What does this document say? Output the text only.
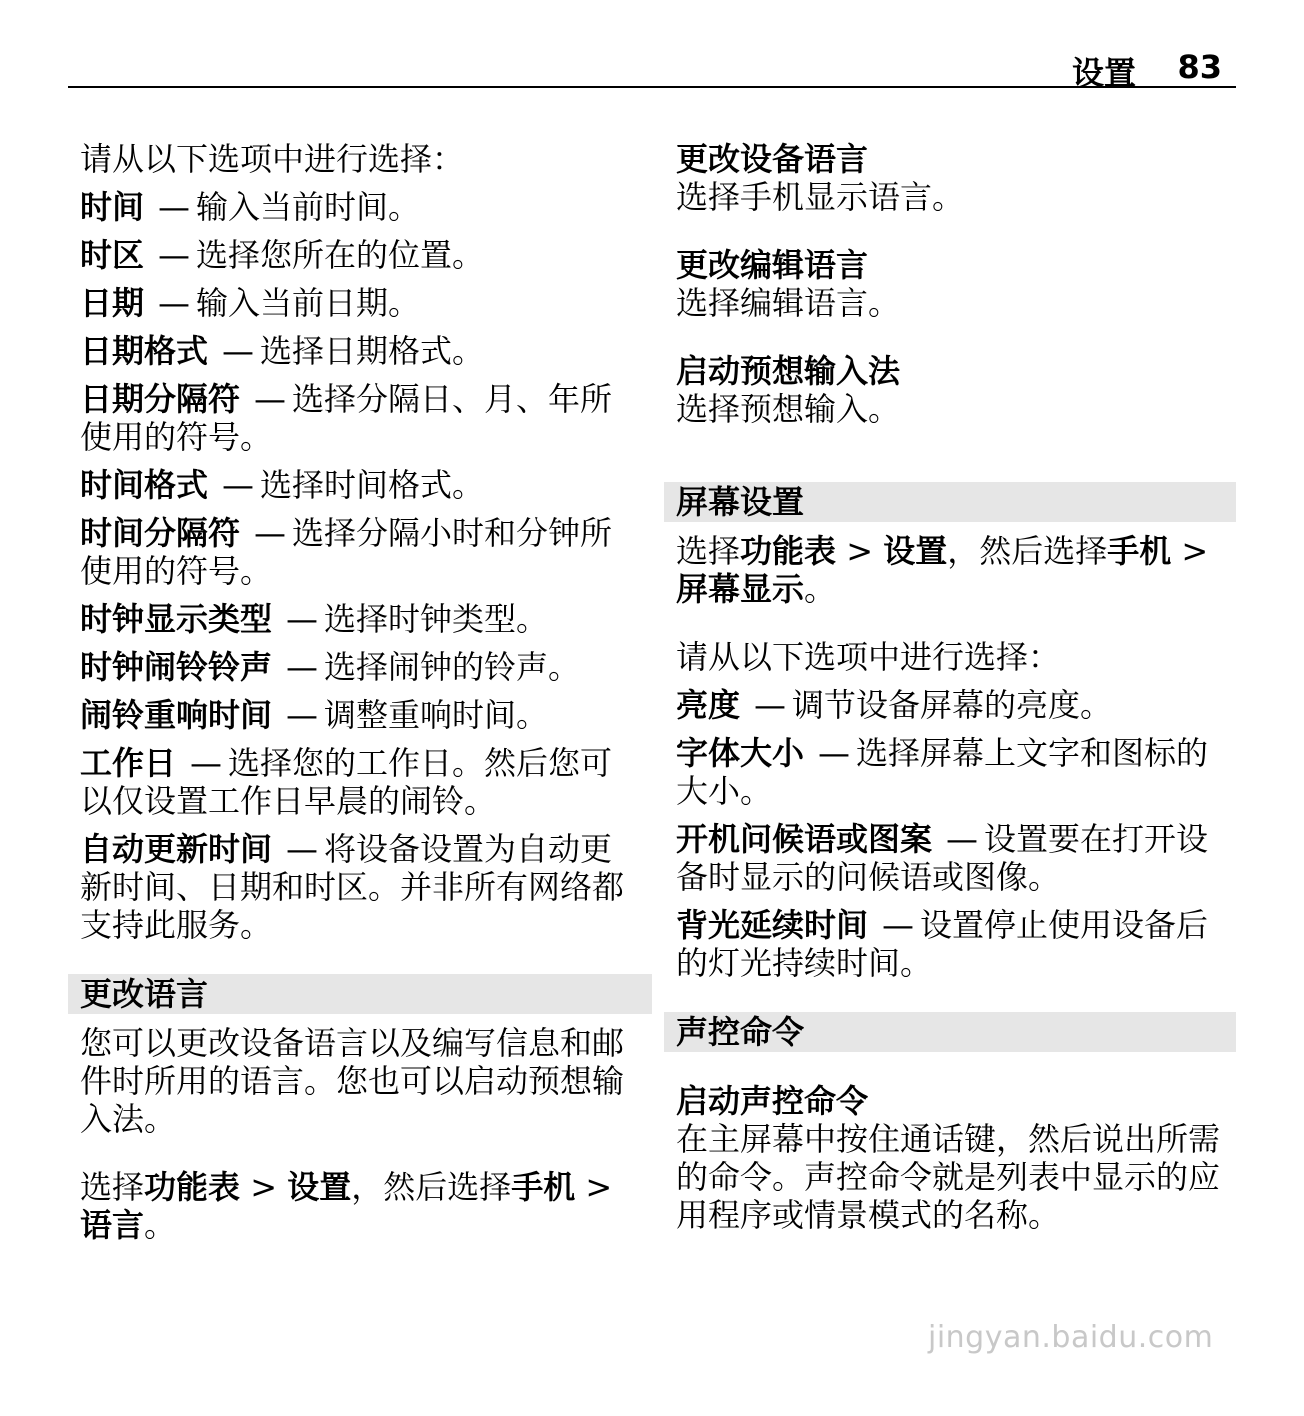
设置 83

请从以下选项中进行选择：

时间 — 输入当前时间。

时区 — 选择您所在的位置。

日期 — 输入当前日期。

日期格式 — 选择日期格式。

日期分隔符 — 选择分隔日、月、年所使用的符号。

时间格式 — 选择时间格式。

时间分隔符 — 选择分隔小时和分钟所使用的符号。

时钟显示类型 — 选择时钟类型。

时钟闹铃铃声 — 选择闹钟的铃声。

闹铃重响时间 — 调整重响时间。

工作日 — 选择您的工作日。然后您可以仅设置工作日早晨的闹铃。

自动更新时间 — 将设备设置为自动更新时间、日期和时区。并非所有网络都支持此服务。

更改语言

您可以更改设备语言以及编写信息和邮件时所用的语言。您也可以启动预想输入法。

选择功能表 > 设置，然后选择手机 > 语言。

更改设备语言

选择手机显示语言。

更改编辑语言

选择编辑语言。

启动预想输入法

选择预想输入。

屏幕设置

选择功能表 > 设置，然后选择手机 > 屏幕显示。

请从以下选项中进行选择：

亮度 — 调节设备屏幕的亮度。

字体大小 — 选择屏幕上文字和图标的大小。

开机问候语或图案 — 设置要在打开设备时显示的问候语或图像。

背光延续时间 — 设置停止使用设备后的灯光持续时间。

声控命令

启动声控命令

在主屏幕中按住通话键，然后说出所需的命令。声控命令就是列表中显示的应用程序或情景模式的名称。

jingyan.baidu.com
